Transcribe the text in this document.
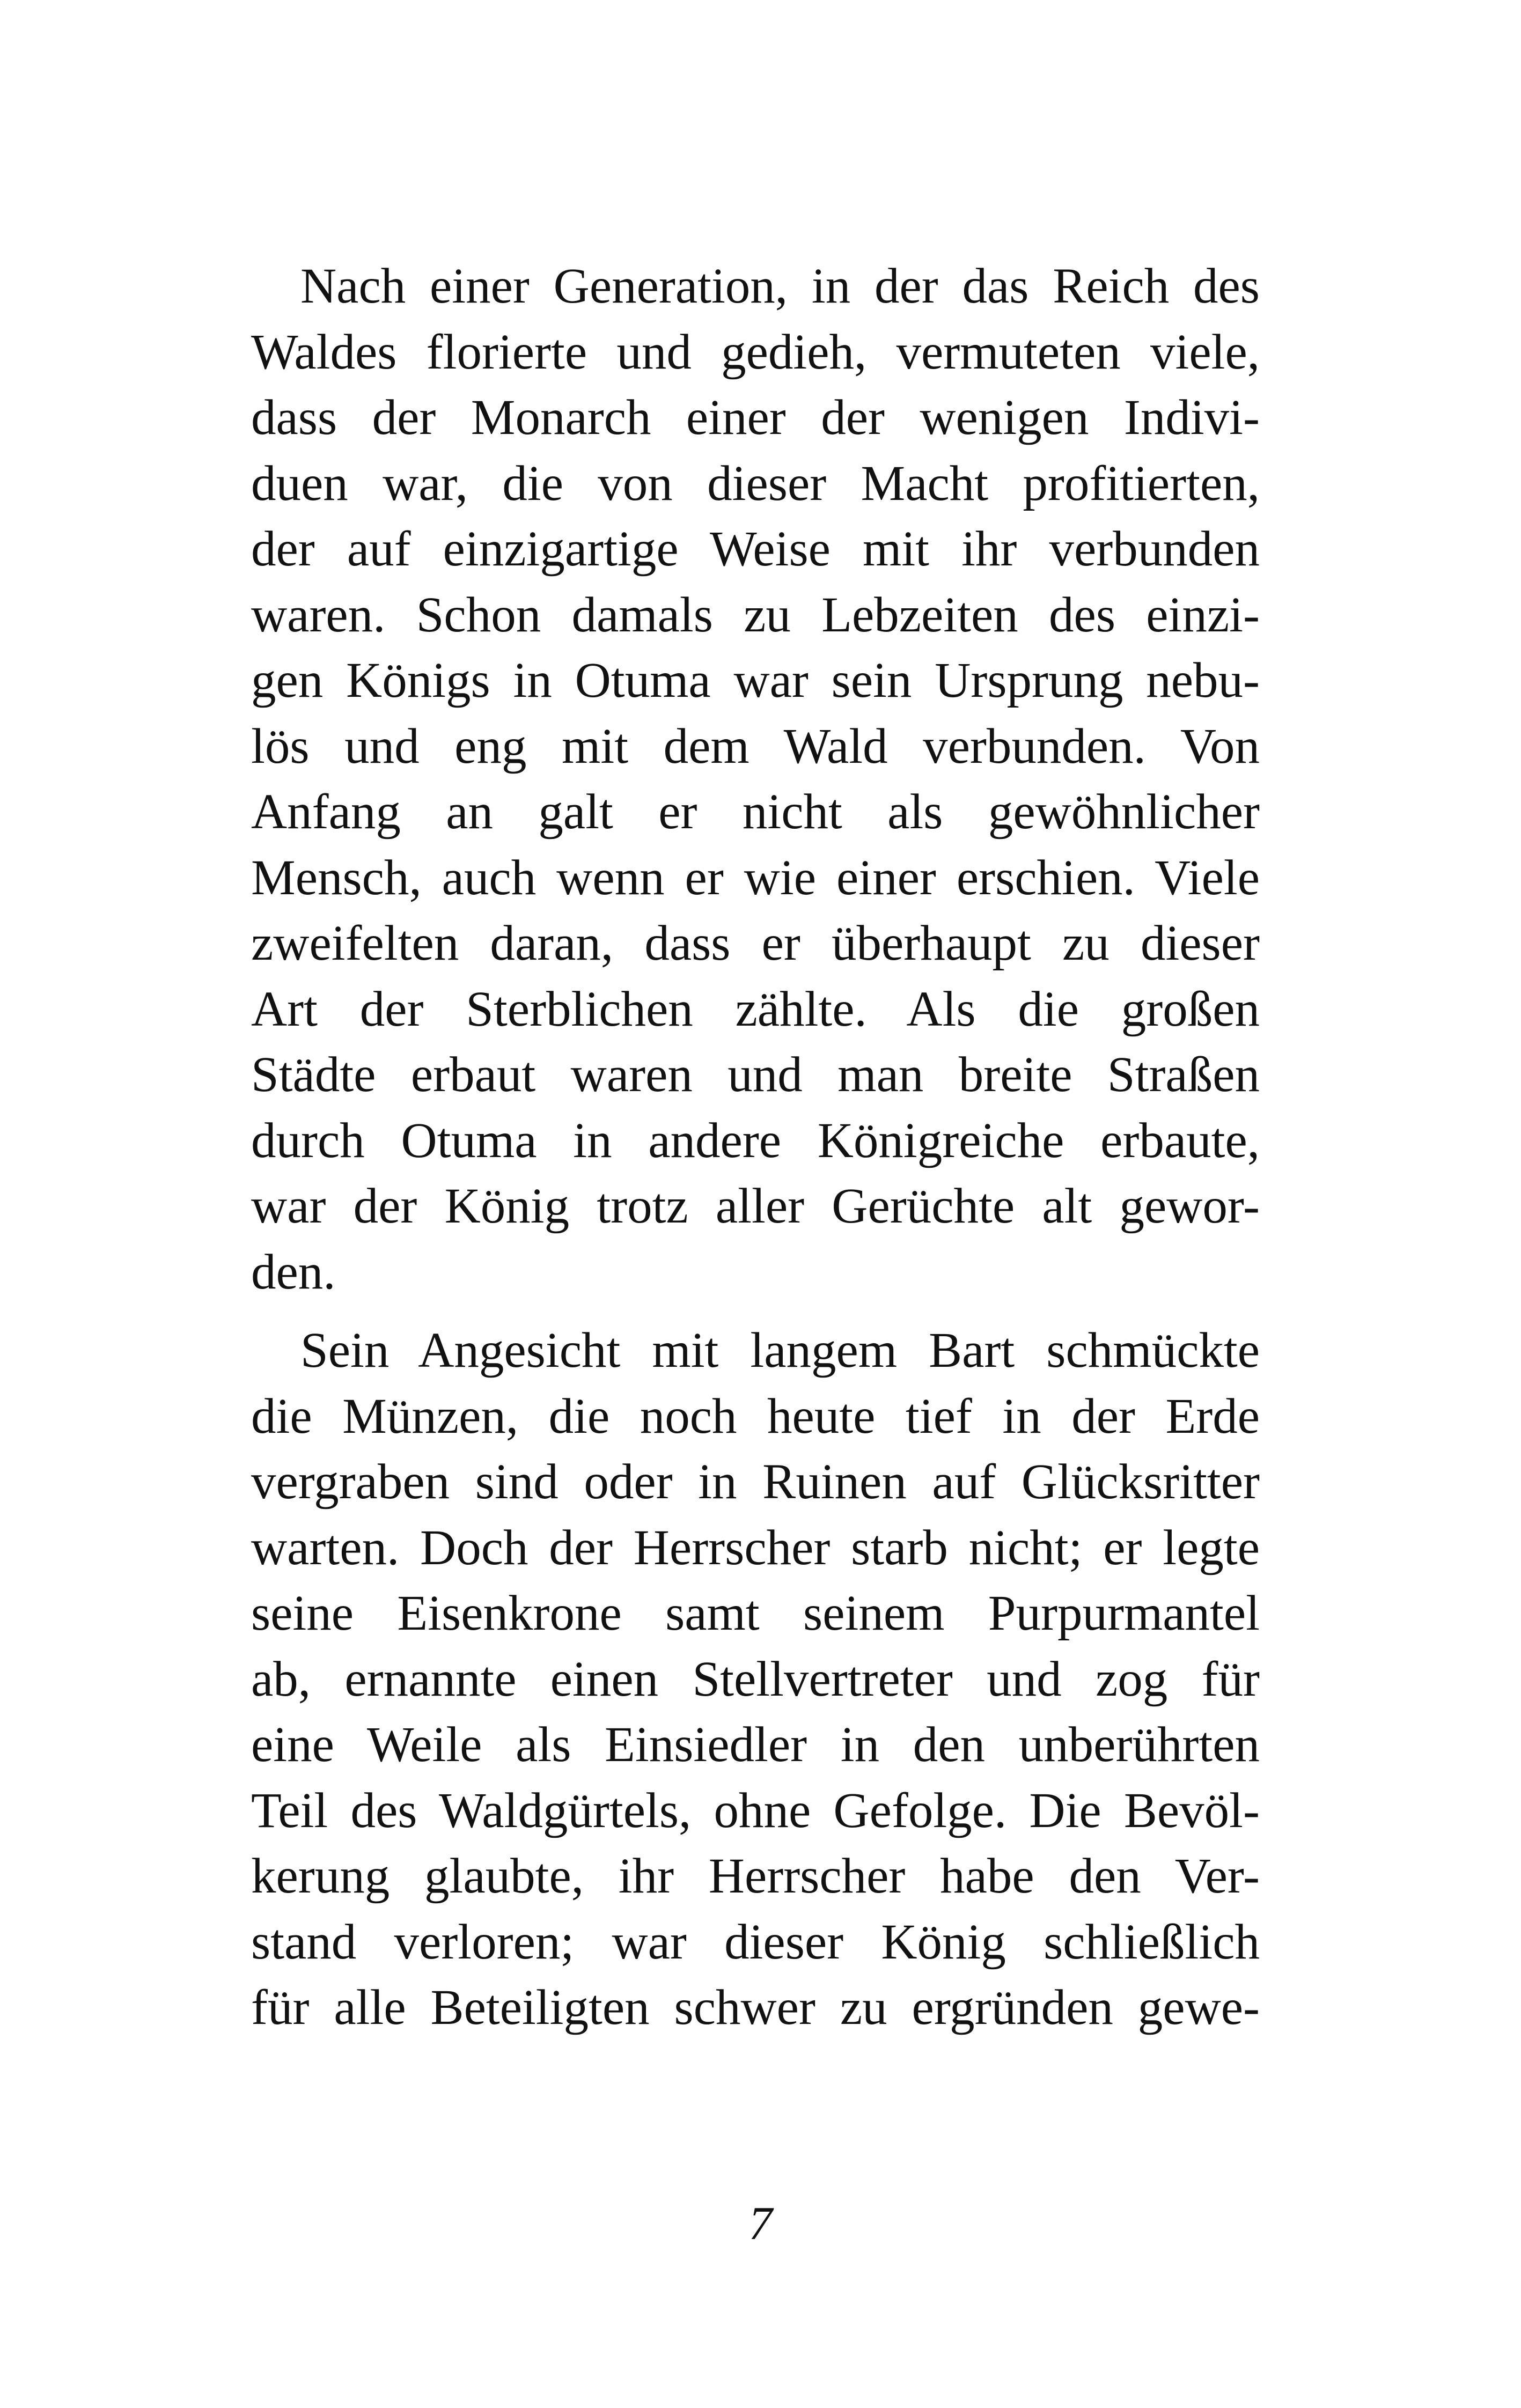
Nach einer Generation, in der das Reich des
Waldes florierte und gedieh, vermuteten viele,
dass der Monarch einer der wenigen Indivi-
duen war, die von dieser Macht profitierten,
der auf einzigartige Weise mit ihr verbunden
waren. Schon damals zu Lebzeiten des einzi-
gen Königs in Otuma war sein Ursprung nebu-
lös und eng mit dem Wald verbunden. Von
Anfang an galt er nicht als gewöhnlicher
Mensch, auch wenn er wie einer erschien. Viele
zweifelten daran, dass er überhaupt zu dieser
Art der Sterblichen zählte. Als die großen
Städte erbaut waren und man breite Straßen
durch Otuma in andere Königreiche erbaute,
war der König trotz aller Gerüchte alt gewor-
den.
Sein Angesicht mit langem Bart schmückte
die Münzen, die noch heute tief in der Erde
vergraben sind oder in Ruinen auf Glücksritter
warten. Doch der Herrscher starb nicht; er legte
seine Eisenkrone samt seinem Purpurmantel
ab, ernannte einen Stellvertreter und zog für
eine Weile als Einsiedler in den unberührten
Teil des Waldgürtels, ohne Gefolge. Die Bevöl-
kerung glaubte, ihr Herrscher habe den Ver-
stand verloren; war dieser König schließlich
für alle Beteiligten schwer zu ergründen gewe-
7
